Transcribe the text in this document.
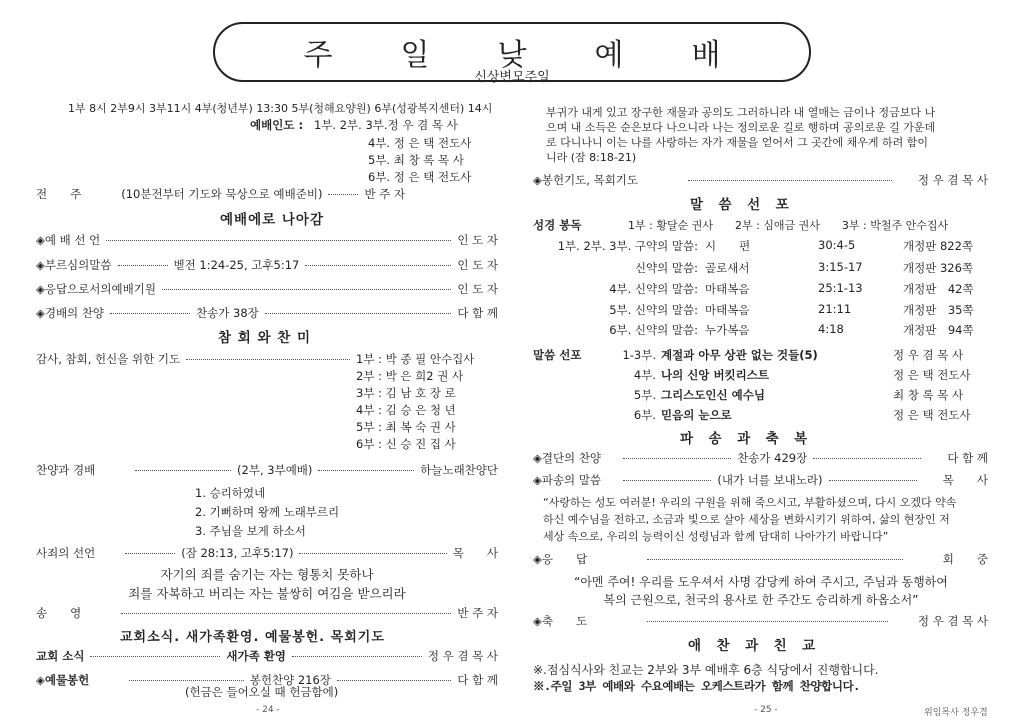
주 일 낮 예 배
신상변모주일
1부 8시 2부9시 3부11시 4부(청년부) 13:30 5부(청해요양원) 6부(성광복지센터) 14시
예배인도 : 1부. 2부. 3부.정 우 겸 목 사
4부. 정 은 택 전도사
5부. 최 창 록 목 사
6부. 정 은 택 전도사
전　　주	(10분전부터 기도와 묵상으로 예배준비)	반 주 자
예배에로 나아감
◈예 배 선 언	인 도 자
◈부르심의말씀	벧전 1:24-25, 고후5:17	인 도 자
◈응답으로서의예배기원	인 도 자
◈경배의 찬양	찬송가 38장	다 함 께
참 회 와 찬 미
감사, 참회, 헌신을 위한 기도	1부 : 박 종 필 안수집사
2부 : 박 은 희2 권 사
3부 : 김 남 호 장 로
4부 : 김 승 은 청 년
5부 : 최 복 숙 권 사
6부 : 신 승 진 집 사
찬양과 경배	(2부, 3부예배)	하늘노래찬양단
1. 승리하였네
2. 기뻐하며 왕께 노래부르리
3. 주님을 보게 하소서
사죄의 선언	(잠 28:13, 고후5:17)	목　　사
자기의 죄를 숨기는 자는 형통치 못하나
죄를 자복하고 버리는 자는 불쌍히 여김을 받으리라
송　　영	반 주 자
교회소식. 새가족환영. 예물봉헌. 목회기도
교회 소식	새가족 환영	정 우 겸 목 사
◈예물봉헌	봉헌찬양 216장	다 함 께
(헌금은 들어오실 때 헌금함에)
- 24 -
부귀가 내게 있고 장구한 재물과 공의도 그러하니라 내 열매는 금이나 정금보다 나
으며 내 소득은 순은보다 나으니라 나는 정의로운 길로 행하며 공의로운 길 가운데
로 다니나니 이는 나를 사랑하는 자가 재물을 얻어서 그 곳간에 채우게 하려 함이
니라 (잠 8:18-21)
◈봉헌기도, 목회기도	정 우 겸 목 사
말　씀　선　포
성경 봉독	1부 : 황달순 권사　　2부 : 심애금 권사　　3부 : 박철주 안수집사
1부. 2부. 3부. 구약의 말씀: 시　　편	30:4-5	개정판 822쪽
신약의 말씀: 골로새서	3:15-17	개정판 326쪽
4부. 신약의 말씀: 마태복음	25:1-13	개정판　42쪽
5부. 신약의 말씀: 마태복음	21:11	개정판　35쪽
6부. 신약의 말씀: 누가복음	4:18	개정판　94쪽
말씀 선포	1-3부. 계절과 아무 상관 없는 것들(5)	정 우 겸 목 사
4부. 나의 신앙 버킷리스트	정 은 택 전도사
5부. 그리스도인신 예수님	최 창 록 목 사
6부. 믿음의 눈으로	정 은 택 전도사
파　송　과　축　복
◈결단의 찬양	찬송가 429장	다 함 께
◈파송의 말씀	(내가 너를 보내노라)	목　　사
“사랑하는 성도 여러분! 우리의 구원을 위해 죽으시고, 부활하셨으며, 다시 오겠다 약속
하신 예수님을 전하고, 소금과 빛으로 살아 세상을 변화시키기 위하여, 삶의 현장인 저
세상 속으로, 우리의 능력이신 성령님과 함께 담대히 나아가기 바랍니다”
◈응　　답	회　　중
“아멘 주여! 우리를 도우셔서 사명 감당케 하여 주시고, 주님과 동행하여
복의 근원으로, 천국의 용사로 한 주간도 승리하게 하옵소서”
◈축　　도	정 우 겸 목 사
애　찬　과　친　교
※.점심식사와 친교는 2부와 3부 예배후 6층 식당에서 진행합니다.
※.주일 3부 예배와 수요예배는 오케스트라가 함께 찬양합니다.
- 25 -	위임목사 정우겸
